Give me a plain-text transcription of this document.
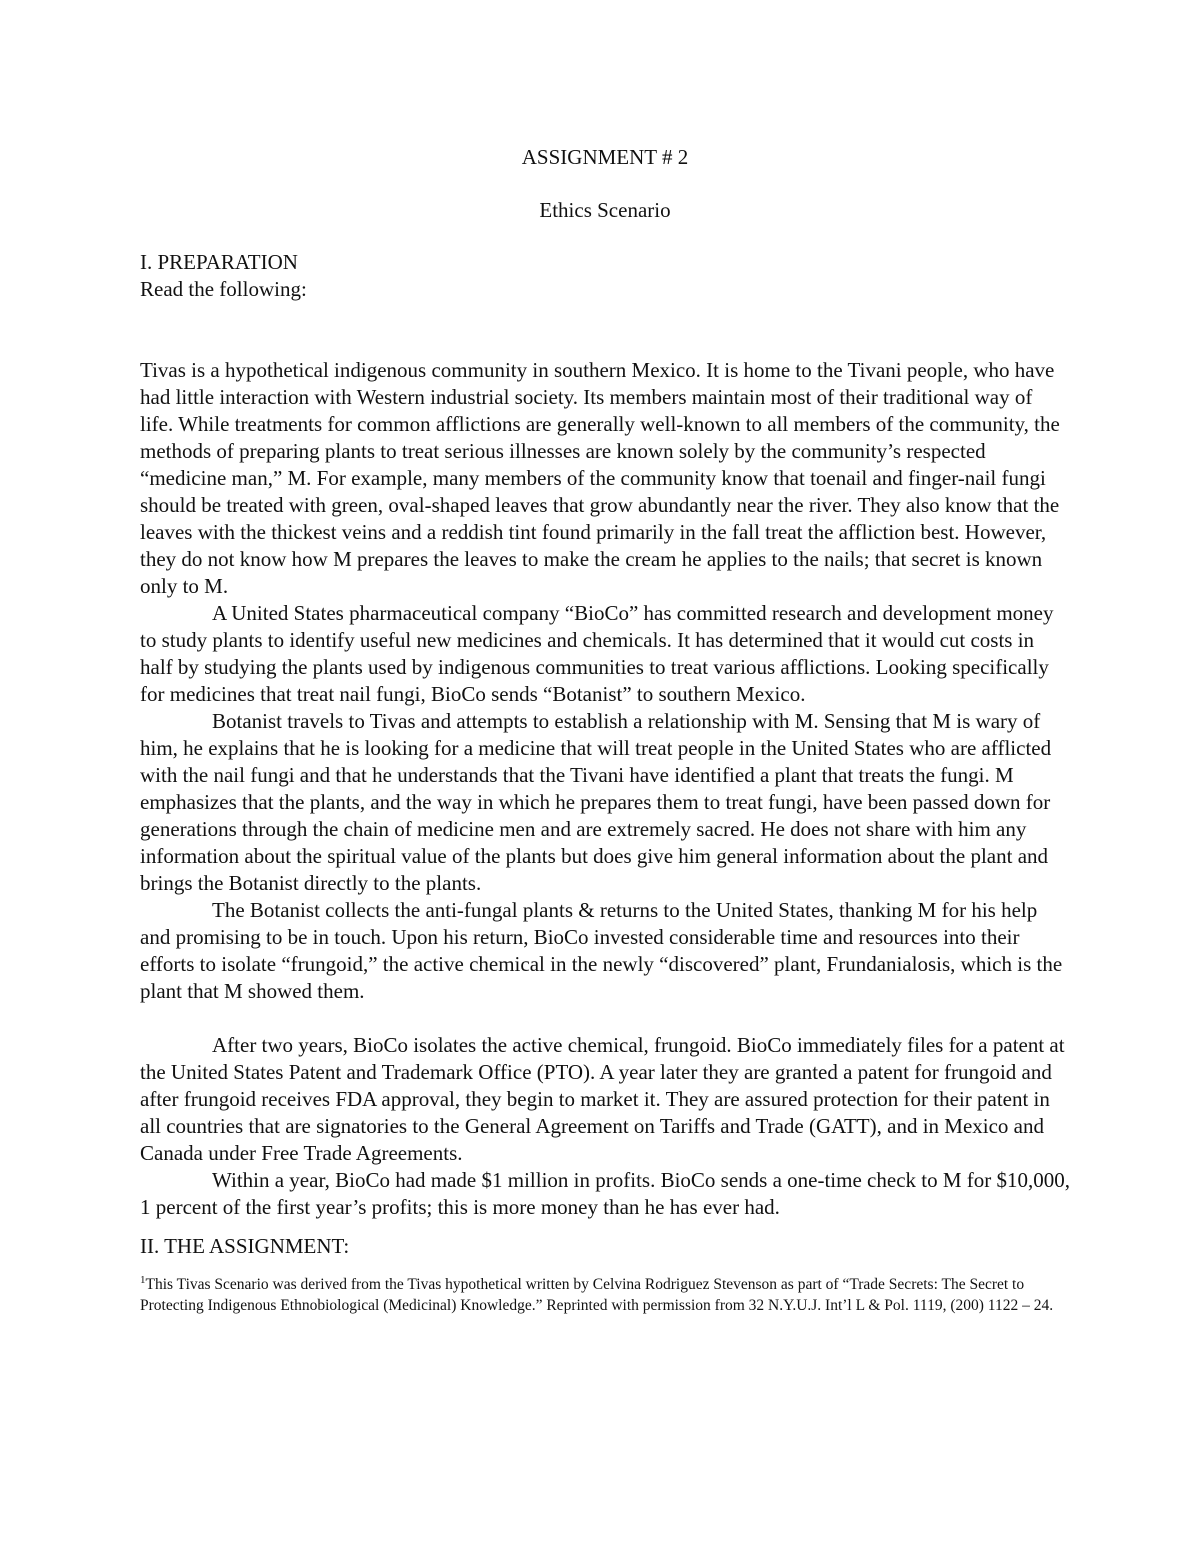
ASSIGNMENT # 2

Ethics Scenario

I. PREPARATION

Read the following:

Tivas is a hypothetical indigenous community in southern Mexico. It is home to the Tivani people, who have had little interaction with Western industrial society. Its members maintain most of their traditional way of life. While treatments for common afflictions are generally well-known to all members of the community, the methods of preparing plants to treat serious illnesses are known solely by the community’s respected “medicine man,” M. For example, many members of the community know that toenail and finger-nail fungi should be treated with green, oval-shaped leaves that grow abundantly near the river. They also know that the leaves with the thickest veins and a reddish tint found primarily in the fall treat the affliction best. However, they do not know how M prepares the leaves to make the cream he applies to the nails; that secret is known only to M.

A United States pharmaceutical company “BioCo” has committed research and development money to study plants to identify useful new medicines and chemicals. It has determined that it would cut costs in half by studying the plants used by indigenous communities to treat various afflictions. Looking specifically for medicines that treat nail fungi, BioCo sends “Botanist” to southern Mexico.

Botanist travels to Tivas and attempts to establish a relationship with M. Sensing that M is wary of him, he explains that he is looking for a medicine that will treat people in the United States who are afflicted with the nail fungi and that he understands that the Tivani have identified a plant that treats the fungi. M emphasizes that the plants, and the way in which he prepares them to treat fungi, have been passed down for generations through the chain of medicine men and are extremely sacred. He does not share with him any information about the spiritual value of the plants but does give him general information about the plant and brings the Botanist directly to the plants.

The Botanist collects the anti-fungal plants & returns to the United States, thanking M for his help and promising to be in touch. Upon his return, BioCo invested considerable time and resources into their efforts to isolate “frungoid,” the active chemical in the newly “discovered” plant, Frundanialosis, which is the plant that M showed them.

After two years, BioCo isolates the active chemical, frungoid. BioCo immediately files for a patent at the United States Patent and Trademark Office (PTO). A year later they are granted a patent for frungoid and after frungoid receives FDA approval, they begin to market it. They are assured protection for their patent in all countries that are signatories to the General Agreement on Tariffs and Trade (GATT), and in Mexico and Canada under Free Trade Agreements.

Within a year, BioCo had made $1 million in profits. BioCo sends a one-time check to M for $10,000, 1 percent of the first year’s profits; this is more money than he has ever had.

II. THE ASSIGNMENT:

$^1$This Tivas Scenario was derived from the Tivas hypothetical written by Celvina Rodriguez Stevenson as part of “Trade Secrets: The Secret to Protecting Indigenous Ethnobiological (Medicinal) Knowledge.” Reprinted with permission from 32 N.Y.U.J. Int’l L & Pol. 1119, (200) 1122 – 24.
